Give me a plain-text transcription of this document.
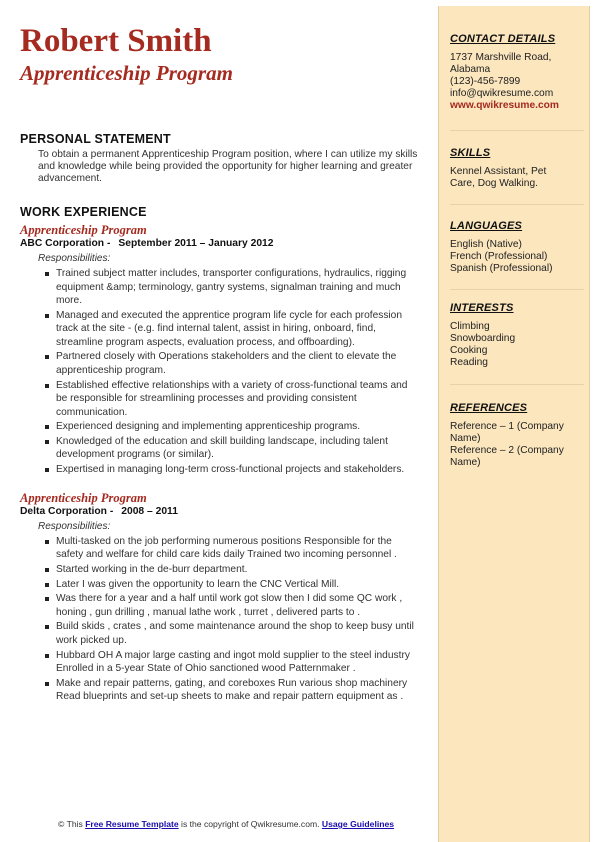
Robert Smith
Apprenticeship Program
PERSONAL STATEMENT
To obtain a permanent Apprenticeship Program position, where I can utilize my skills and knowledge while being provided the opportunity for higher learning and greater advancement.
WORK EXPERIENCE
Apprenticeship Program
ABC Corporation - September 2011 – January 2012
Responsibilities:
Trained subject matter includes, transporter configurations, hydraulics, rigging equipment &amp; terminology, gantry systems, signalman training and much more.
Managed and executed the apprentice program life cycle for each profession track at the site - (e.g. find internal talent, assist in hiring, onboard, find, streamline program aspects, evaluation process, and offboarding).
Partnered closely with Operations stakeholders and the client to elevate the apprenticeship program.
Established effective relationships with a variety of cross-functional teams and be responsible for streamlining processes and providing consistent communication.
Experienced designing and implementing apprenticeship programs.
Knowledged of the education and skill building landscape, including talent development programs (or similar).
Expertised in managing long-term cross-functional projects and stakeholders.
Apprenticeship Program
Delta Corporation - 2008 – 2011
Responsibilities:
Multi-tasked on the job performing numerous positions Responsible for the safety and welfare for child care kids daily Trained two incoming personnel .
Started working in the de-burr department.
Later I was given the opportunity to learn the CNC Vertical Mill.
Was there for a year and a half until work got slow then I did some QC work , honing , gun drilling , manual lathe work , turret , delivered parts to .
Build skids , crates , and some maintenance around the shop to keep busy until work picked up.
Hubbard OH A major large casting and ingot mold supplier to the steel industry Enrolled in a 5-year State of Ohio sanctioned wood Patternmaker .
Make and repair patterns, gating, and coreboxes Run various shop machinery Read blueprints and set-up sheets to make and repair pattern equipment as .
© This Free Resume Template is the copyright of Qwikresume.com. Usage Guidelines
CONTACT DETAILS
1737 Marshville Road,
Alabama
(123)-456-7899
info@qwikresume.com
www.qwikresume.com
SKILLS
Kennel Assistant, Pet
Care, Dog Walking.
LANGUAGES
English (Native)
French (Professional)
Spanish (Professional)
INTERESTS
Climbing
Snowboarding
Cooking
Reading
REFERENCES
Reference – 1 (Company
Name)
Reference – 2 (Company
Name)
